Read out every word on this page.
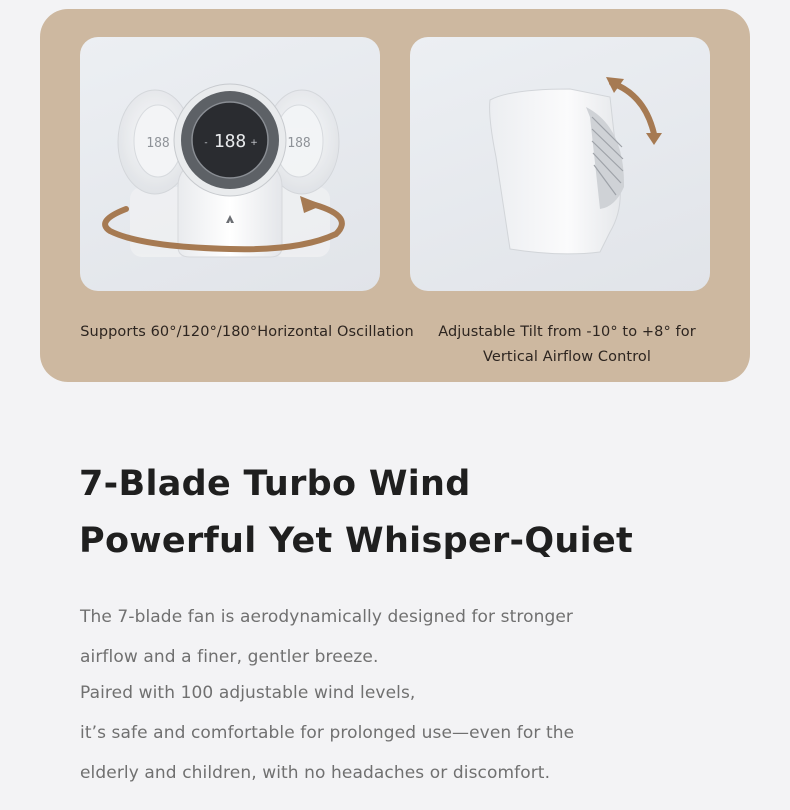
188	188
188
-	+
Supports 60°/120°/180°Horizontal Oscillation	Adjustable Tilt from -10° to +8° for
Vertical Airflow Control
7-Blade Turbo Wind
Powerful Yet Whisper-Quiet

The 7-blade fan is aerodynamically designed for stronger

airflow and a finer, gentler breeze.

Paired with 100 adjustable wind levels,

it’s safe and comfortable for prolonged use—even for the

elderly and children, with no headaches or discomfort.
